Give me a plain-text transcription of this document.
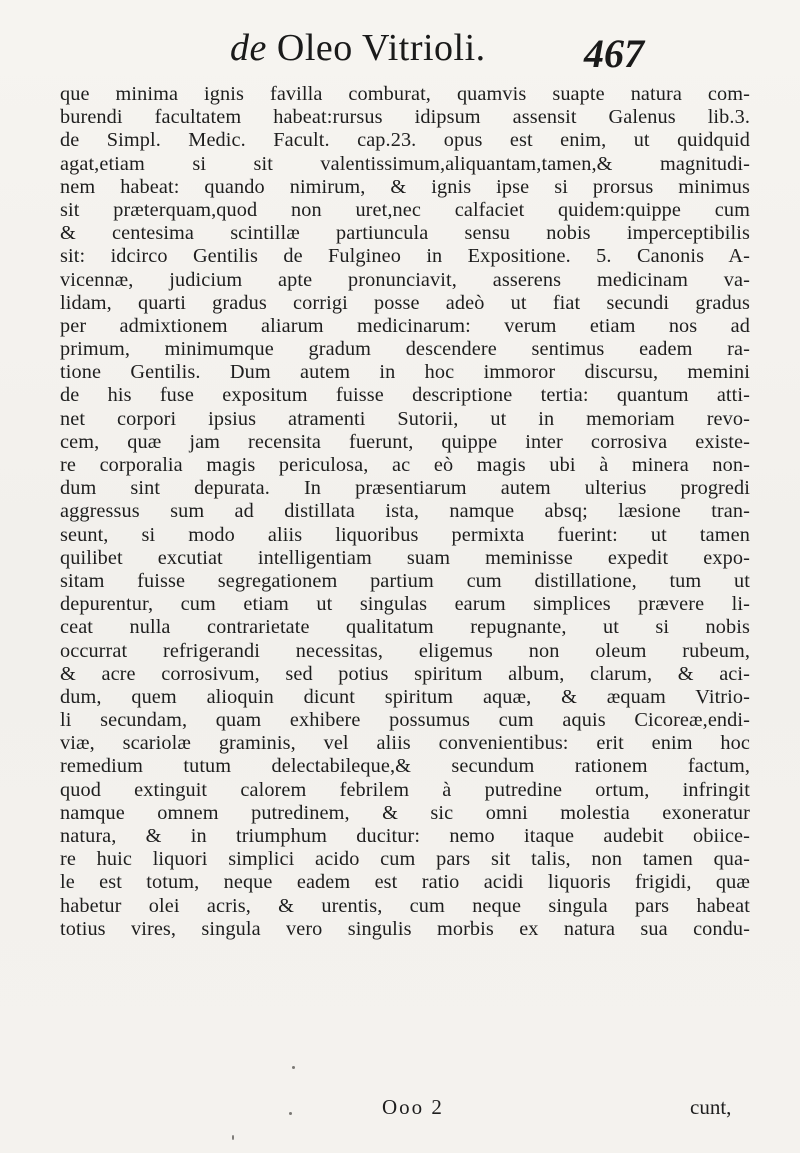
de Oleo Vitrioli. 467
que minima ignis favilla comburat, quamvis suapte natura com-
burendi facultatem habeat:rursus idipsum assensit Galenus lib.3.
de Simpl. Medic. Facult. cap.23. opus est enim, ut quidquid
agat,etiam si sit valentissimum,aliquantam,tamen,& magnitudi-
nem habeat: quando nimirum, & ignis ipse si prorsus minimus
sit præterquam,quod non uret,nec calfaciet quidem:quippe cum
& centesima scintillæ partiuncula sensu nobis imperceptibilis
sit: idcirco Gentilis de Fulgineo in Expositione. 5. Canonis A-
vicennæ, judicium apte pronunciavit, asserens medicinam va-
lidam, quarti gradus corrigi posse adeò ut fiat secundi gradus
per admixtionem aliarum medicinarum: verum etiam nos ad
primum, minimumque gradum descendere sentimus eadem ra-
tione Gentilis. Dum autem in hoc immoror discursu, memini
de his fuse expositum fuisse descriptione tertia: quantum atti-
net corpori ipsius atramenti Sutorii, ut in memoriam revo-
cem, quæ jam recensita fuerunt, quippe inter corrosiva existe-
re corporalia magis periculosa, ac eò magis ubi à minera non-
dum sint depurata. In præsentiarum autem ulterius progredi
aggressus sum ad distillata ista, namque absq; læsione tran-
seunt, si modo aliis liquoribus permixta fuerint: ut tamen
quilibet excutiat intelligentiam suam meminisse expedit expo-
sitam fuisse segregationem partium cum distillatione, tum ut
depurentur, cum etiam ut singulas earum simplices prævere li-
ceat nulla contrarietate qualitatum repugnante, ut si nobis
occurrat refrigerandi necessitas, eligemus non oleum rubeum,
& acre corrosivum, sed potius spiritum album, clarum, & aci-
dum, quem alioquin dicunt spiritum aquæ, & æquam Vitrio-
li secundam, quam exhibere possumus cum aquis Cicoreæ,endi-
viæ, scariolæ graminis, vel aliis convenientibus: erit enim hoc
remedium tutum delectabileque,& secundum rationem factum,
quod extinguit calorem febrilem à putredine ortum, infringit
namque omnem putredinem, & sic omni molestia exoneratur
natura, & in triumphum ducitur: nemo itaque audebit obiice-
re huic liquori simplici acido cum pars sit talis, non tamen qua-
le est totum, neque eadem est ratio acidi liquoris frigidi, quæ
habetur olei acris, & urentis, cum neque singula pars habeat
totius vires, singula vero singulis morbis ex natura sua condu-
Oοο 2	cunt,
